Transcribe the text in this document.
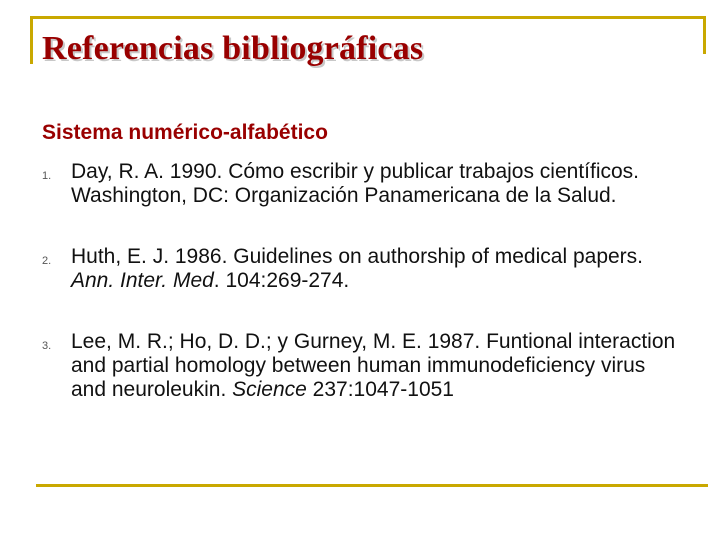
Referencias bibliográficas
Sistema numérico-alfabético
1. Day, R. A. 1990. Cómo escribir y publicar trabajos científicos. Washington, DC: Organización Panamericana de la Salud.
2. Huth, E. J. 1986. Guidelines on authorship of medical papers. Ann. Inter. Med. 104:269-274.
3. Lee, M. R.; Ho, D. D.; y Gurney, M. E. 1987. Funtional interaction and partial homology between human immunodeficiency virus and neuroleukin. Science 237:1047-1051
